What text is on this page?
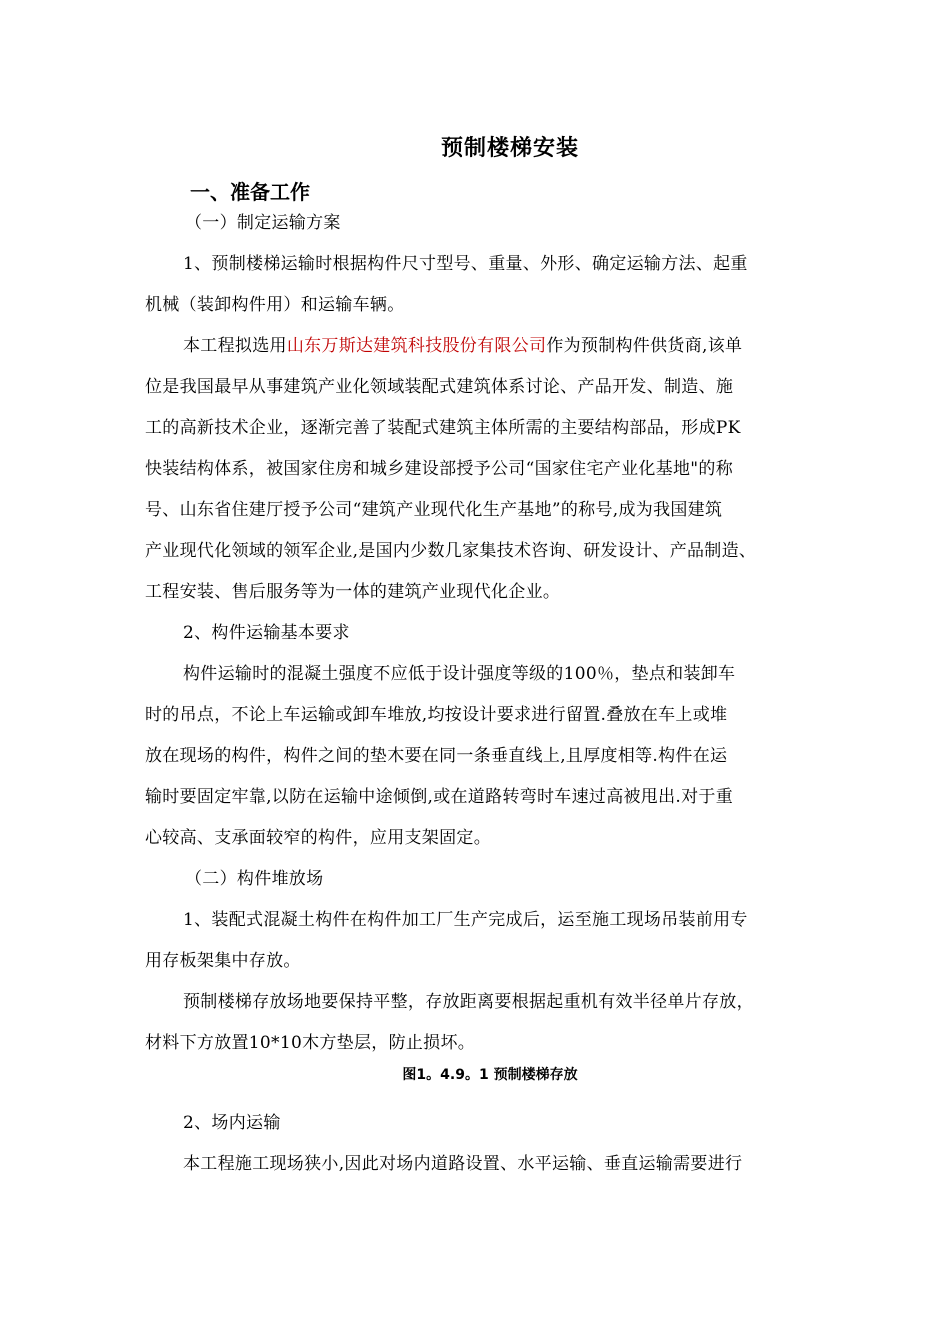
预制楼梯安装
一、准备工作
（一）制定运输方案
1、预制楼梯运输时根据构件尺寸型号、重量、外形、确定运输方法、起重
机械（装卸构件用）和运输车辆。
本工程拟选用山东万斯达建筑科技股份有限公司作为预制构件供货商,该单
位是我国最早从事建筑产业化领域装配式建筑体系讨论、产品开发、制造、施
工的高新技术企业，逐渐完善了装配式建筑主体所需的主要结构部品，形成PK
快装结构体系，被国家住房和城乡建设部授予公司“国家住宅产业化基地"的称
号、山东省住建厅授予公司“建筑产业现代化生产基地”的称号,成为我国建筑
产业现代化领域的领军企业,是国内少数几家集技术咨询、研发设计、产品制造、
工程安装、售后服务等为一体的建筑产业现代化企业。
2、构件运输基本要求
构件运输时的混凝土强度不应低于设计强度等级的100％，垫点和装卸车
时的吊点，不论上车运输或卸车堆放,均按设计要求进行留置.叠放在车上或堆
放在现场的构件，构件之间的垫木要在同一条垂直线上,且厚度相等.构件在运
输时要固定牢靠,以防在运输中途倾倒,或在道路转弯时车速过高被甩出.对于重
心较高、支承面较窄的构件，应用支架固定。
（二）构件堆放场
1、装配式混凝土构件在构件加工厂生产完成后，运至施工现场吊装前用专
用存板架集中存放。
预制楼梯存放场地要保持平整，存放距离要根据起重机有效半径单片存放，
材料下方放置10*10木方垫层，防止损坏。
图1。4.9。1 预制楼梯存放
2、场内运输
本工程施工现场狭小,因此对场内道路设置、水平运输、垂直运输需要进行
